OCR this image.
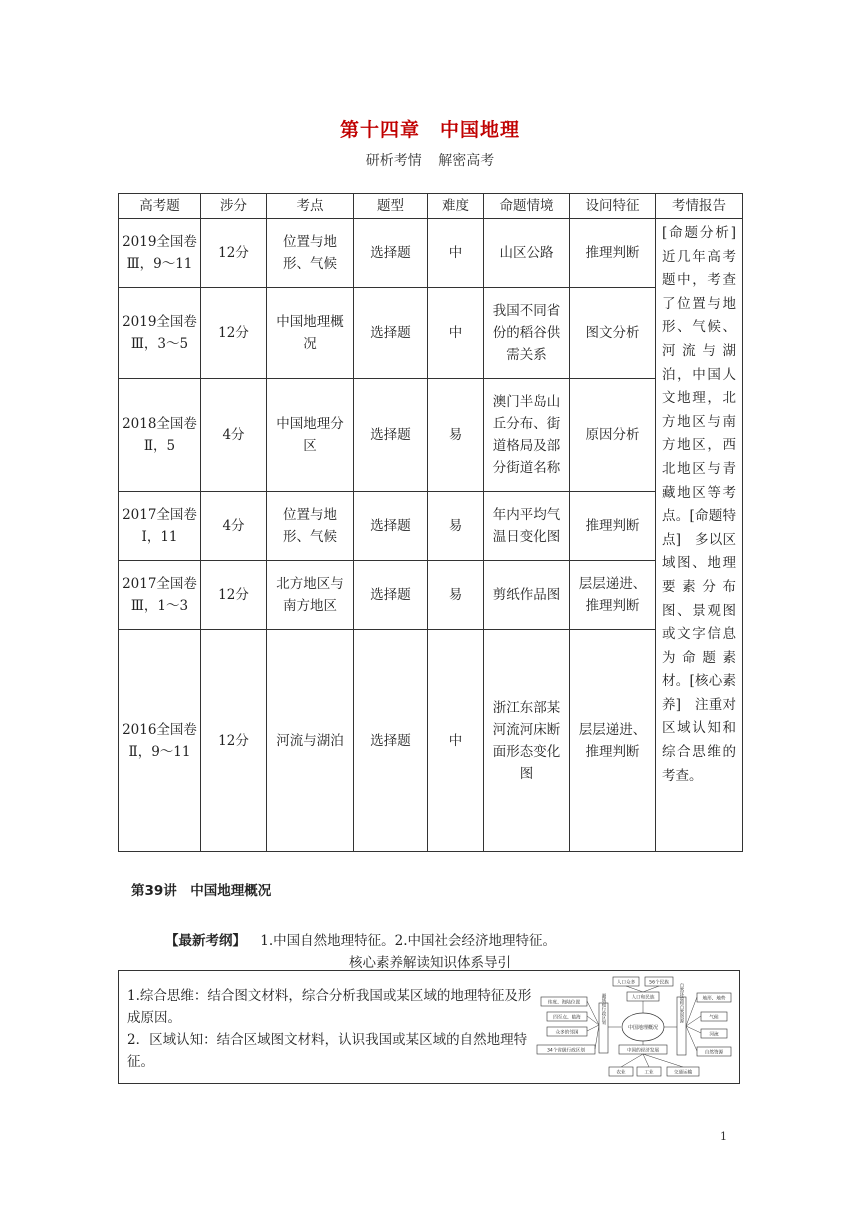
第十四章　中国地理
研析考情 解密高考
高考题	涉分	考点	题型	难度	命题情境	设问特征	考情报告
2019全国卷Ⅲ，9～11	12分	位置与地形、气候	选择题	中	山区公路	推理判断	[命题分析]　近几年高考题中，考查了位置与地形、气候、河流与湖泊，中国人文地理，北方地区与南方地区，西北地区与青藏地区等考点。[命题特点]　多以区域图、地理要素分布图、景观图或文字信息为命题素材。[核心素养]　注重对区域认知和综合思维的考查。
2019全国卷Ⅲ，3～5	12分	中国地理概况	选择题	中	我国不同省份的稻谷供需关系	图文分析	
2018全国卷Ⅱ，5	4分	中国地理分区	选择题	易	澳门半岛山丘分布、街道格局及部分街道名称	原因分析	
2017全国卷Ⅰ，11	4分	位置与地形、气候	选择题	易	年内平均气温日变化图	推理判断	
2017全国卷Ⅲ，1～3	12分	北方地区与南方地区	选择题	易	剪纸作品图	层层递进、推理判断	
2016全国卷Ⅱ，9～11	12分	河流与湖泊	选择题	中	浙江东部某河流河床断面形态变化图	层层递进、推理判断	
第39讲　中国地理概况
【最新考纲】 1.中国自然地理特征。2.中国社会经济地理特征。
核心素养解读知识体系导引

1.综合思维：结合图文材料，综合分析我国或某区域的地理特征及形成原因。

2．区域认知：结合区域图文材料，认识我国或某区域的自然地理特征。

人口众多	56个民族
人口和民族
纬度、海陆位置
四至点、临海
众多的邻国
34个省级行政区划
疆域和行政区划
中国地理概况
自然环境和自然资源	地形、地势
气候
河流
自然资源
中国的经济发展
农业	工业	交通运输
1
